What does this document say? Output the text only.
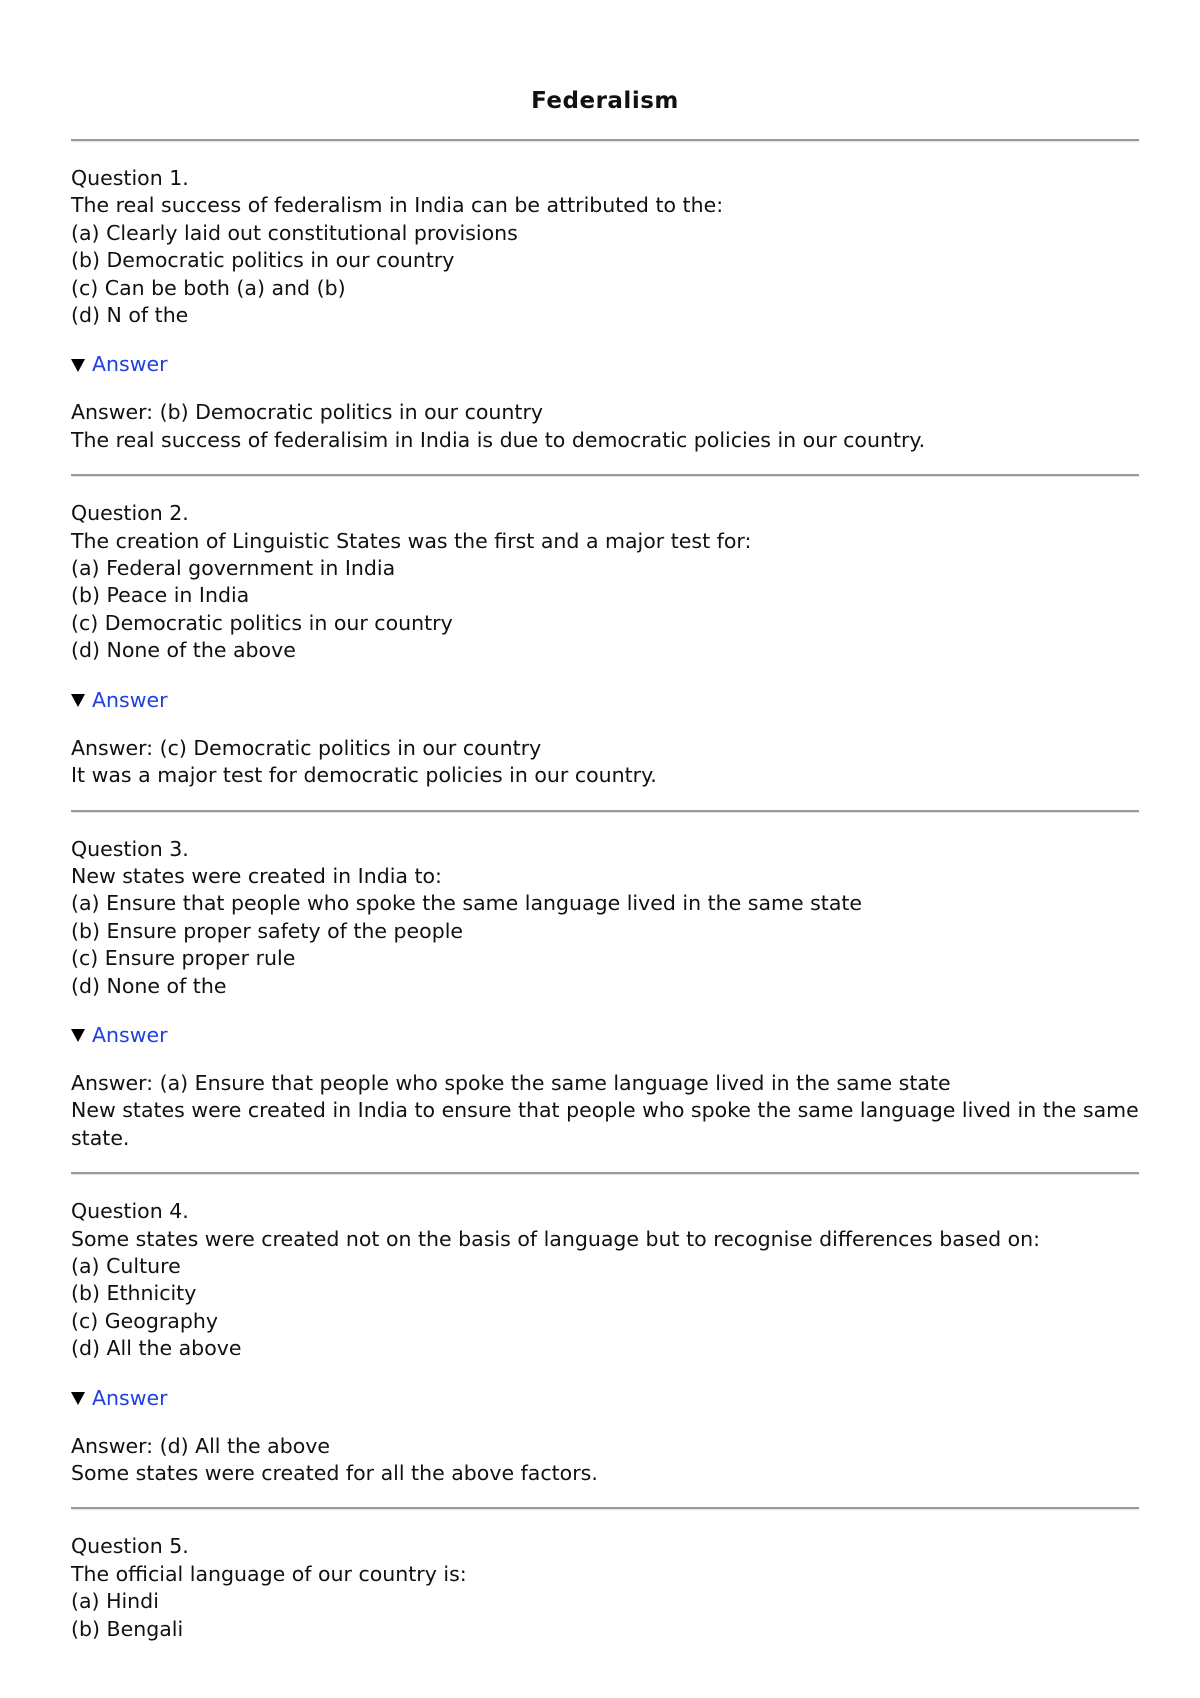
Federalism
Question 1.
The real success of federalism in India can be attributed to the:
(a) Clearly laid out constitutional provisions
(b) Democratic politics in our country
(c) Can be both (a) and (b)
(d) N of the
Answer
Answer: (b) Democratic politics in our country
The real success of federalisim in India is due to democratic policies in our country.
Question 2.
The creation of Linguistic States was the first and a major test for:
(a) Federal government in India
(b) Peace in India
(c) Democratic politics in our country
(d) None of the above
Answer
Answer: (c) Democratic politics in our country
It was a major test for democratic policies in our country.
Question 3.
New states were created in India to:
(a) Ensure that people who spoke the same language lived in the same state
(b) Ensure proper safety of the people
(c) Ensure proper rule
(d) None of the
Answer
Answer: (a) Ensure that people who spoke the same language lived in the same state
New states were created in India to ensure that people who spoke the same language lived in the same state.
Question 4.
Some states were created not on the basis of language but to recognise differences based on:
(a) Culture
(b) Ethnicity
(c) Geography
(d) All the above
Answer
Answer: (d) All the above
Some states were created for all the above factors.
Question 5.
The official language of our country is:
(a) Hindi
(b) Bengali
